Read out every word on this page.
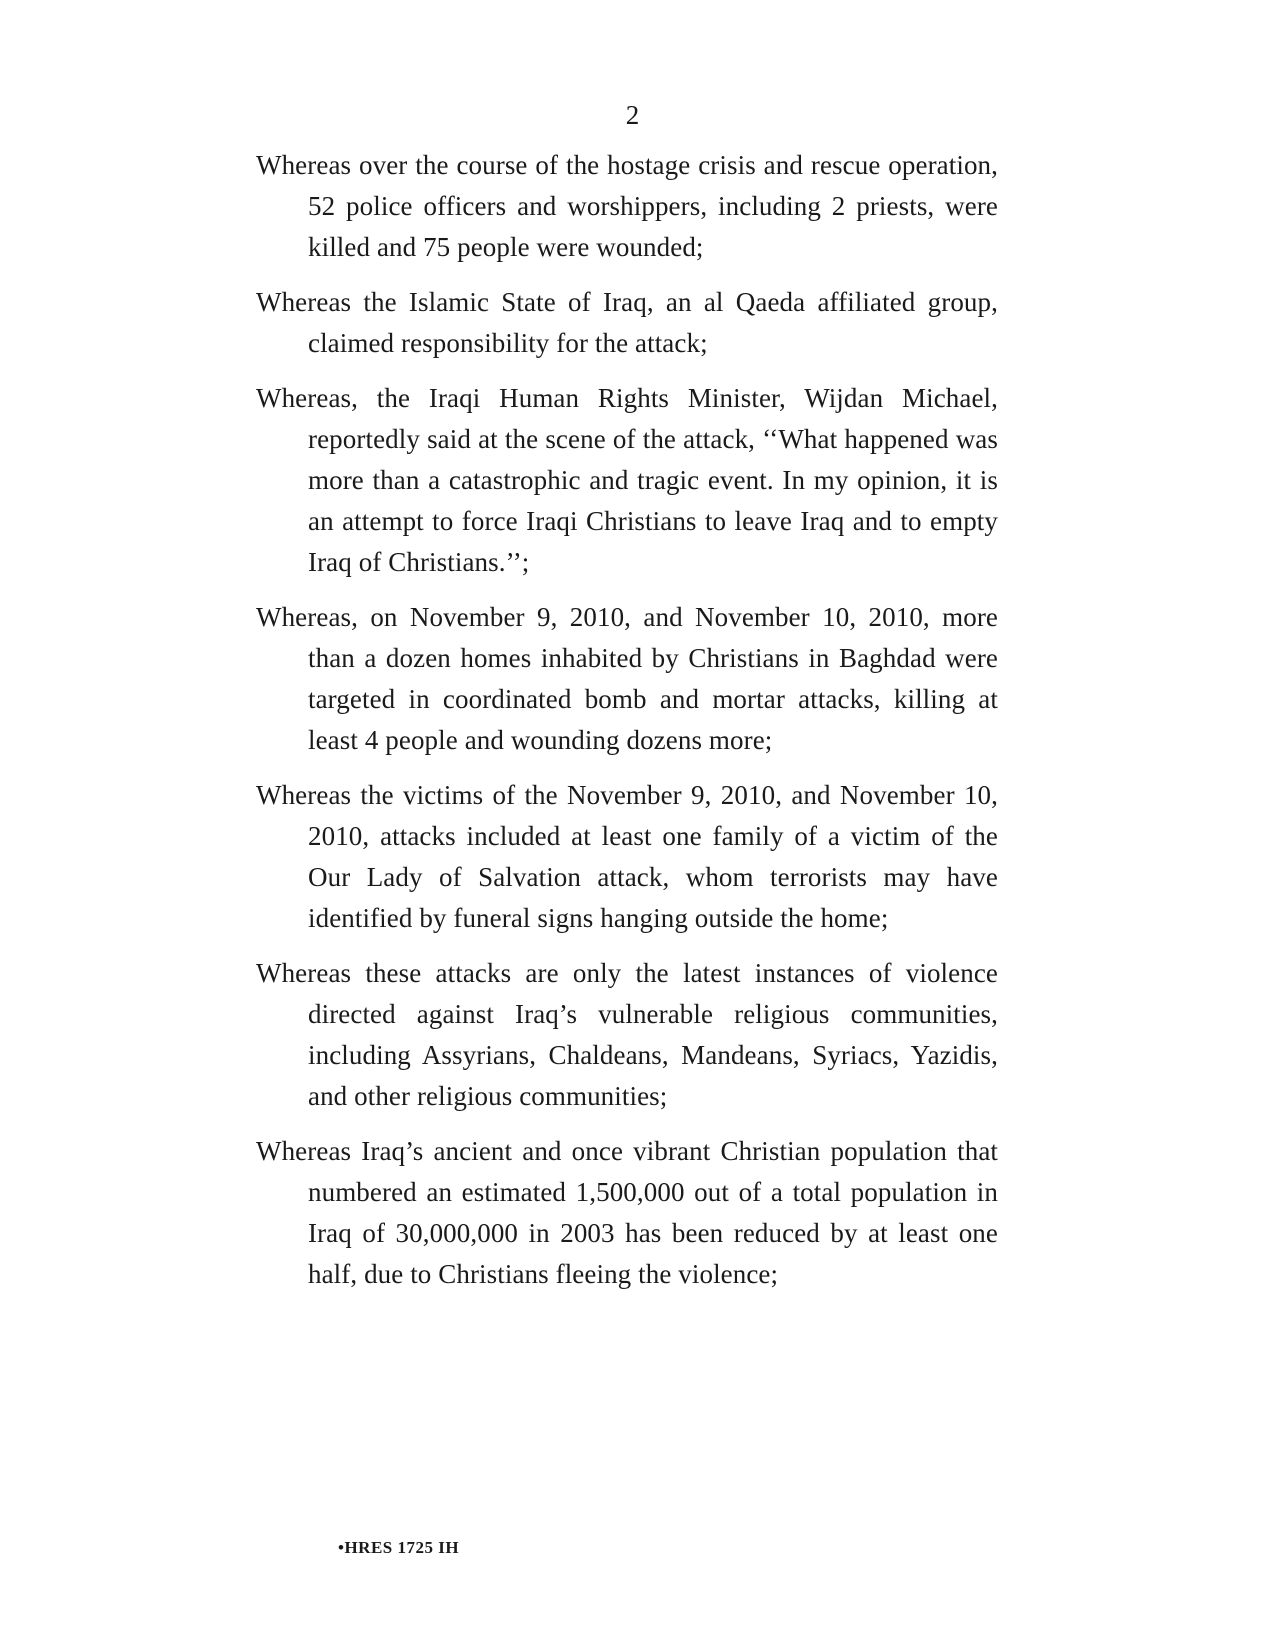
2

Whereas over the course of the hostage crisis and rescue operation, 52 police officers and worshippers, including 2 priests, were killed and 75 people were wounded;

Whereas the Islamic State of Iraq, an al Qaeda affiliated group, claimed responsibility for the attack;

Whereas, the Iraqi Human Rights Minister, Wijdan Michael, reportedly said at the scene of the attack, ‘‘What happened was more than a catastrophic and tragic event. In my opinion, it is an attempt to force Iraqi Christians to leave Iraq and to empty Iraq of Christians.’’;

Whereas, on November 9, 2010, and November 10, 2010, more than a dozen homes inhabited by Christians in Baghdad were targeted in coordinated bomb and mortar attacks, killing at least 4 people and wounding dozens more;

Whereas the victims of the November 9, 2010, and November 10, 2010, attacks included at least one family of a victim of the Our Lady of Salvation attack, whom terrorists may have identified by funeral signs hanging outside the home;

Whereas these attacks are only the latest instances of violence directed against Iraq’s vulnerable religious communities, including Assyrians, Chaldeans, Mandeans, Syriacs, Yazidis, and other religious communities;

Whereas Iraq’s ancient and once vibrant Christian population that numbered an estimated 1,500,000 out of a total population in Iraq of 30,000,000 in 2003 has been reduced by at least one half, due to Christians fleeing the violence;

•HRES 1725 IH
